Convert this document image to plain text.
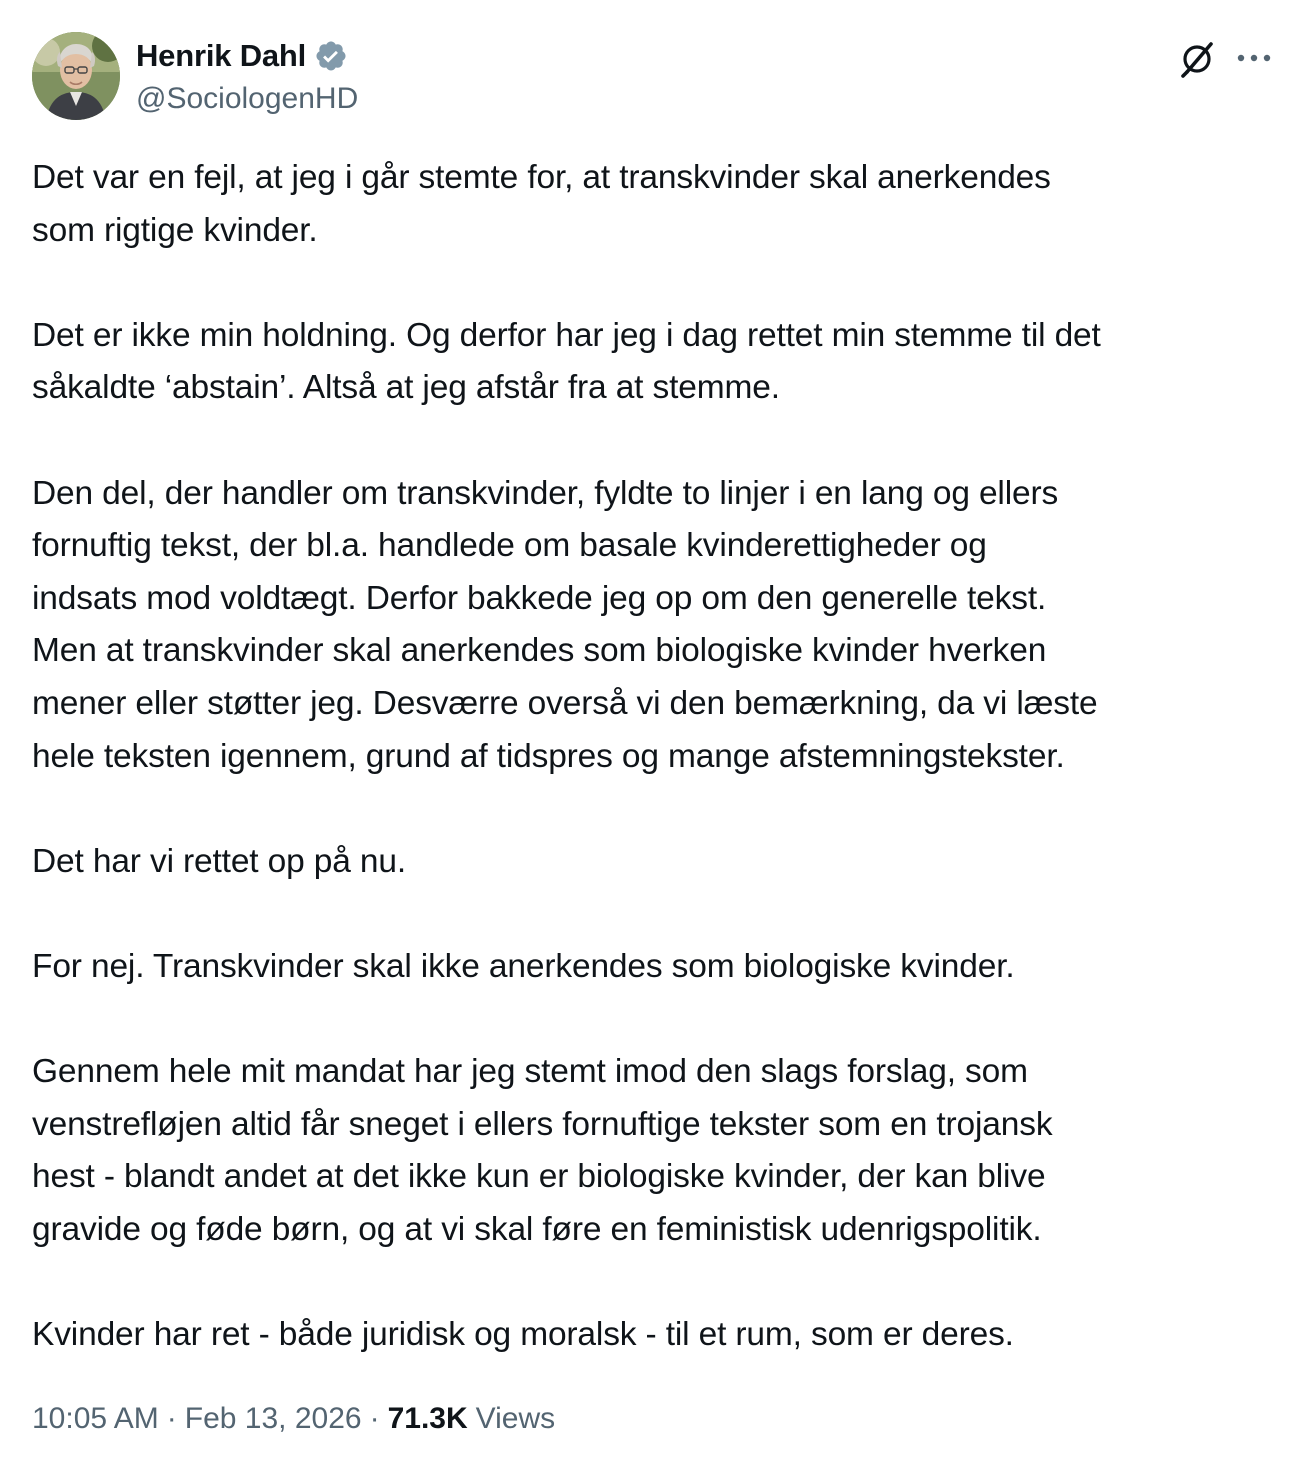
Henrik Dahl
@SociologenHD

Det var en fejl, at jeg i går stemte for, at transkvinder skal anerkendes

som rigtige kvinder.

Det er ikke min holdning. Og derfor har jeg i dag rettet min stemme til det

såkaldte ‘abstain’. Altså at jeg afstår fra at stemme.

Den del, der handler om transkvinder, fyldte to linjer i en lang og ellers

fornuftig tekst, der bl.a. handlede om basale kvinderettigheder og

indsats mod voldtægt. Derfor bakkede jeg op om den generelle tekst.

Men at transkvinder skal anerkendes som biologiske kvinder hverken

mener eller støtter jeg. Desværre overså vi den bemærkning, da vi læste

hele teksten igennem, grund af tidspres og mange afstemningstekster.

Det har vi rettet op på nu.

For nej. Transkvinder skal ikke anerkendes som biologiske kvinder.

Gennem hele mit mandat har jeg stemt imod den slags forslag, som

venstrefløjen altid får sneget i ellers fornuftige tekster som en trojansk

hest - blandt andet at det ikke kun er biologiske kvinder, der kan blive

gravide og føde børn, og at vi skal føre en feministisk udenrigspolitik.

Kvinder har ret - både juridisk og moralsk - til et rum, som er deres.

10:05 AM · Feb 13, 2026 · 71.3K Views
